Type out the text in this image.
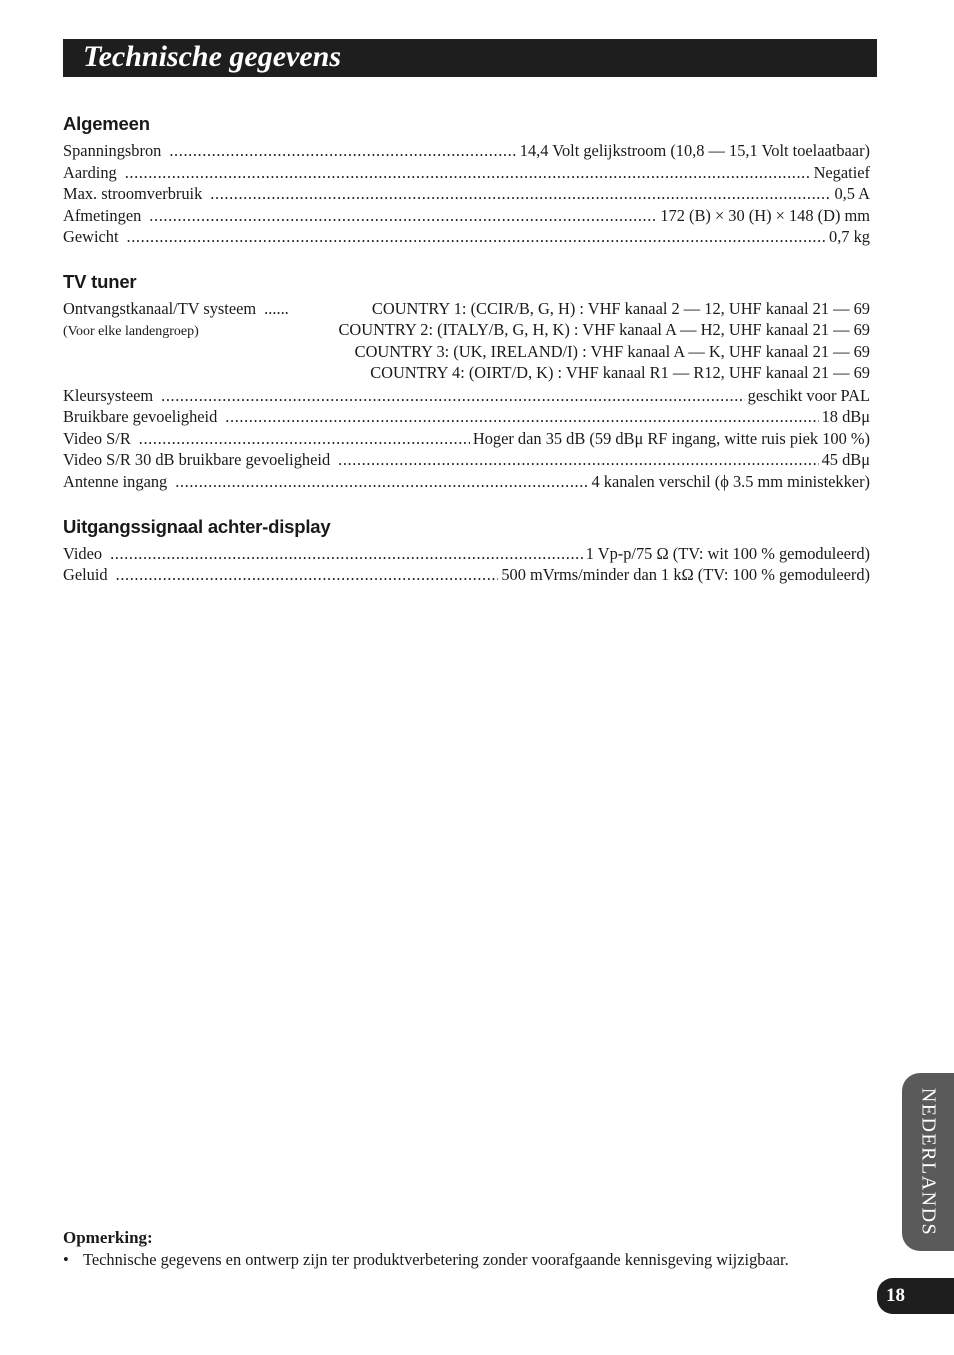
Technische gegevens
Algemeen
Spanningsbron .....	14,4 Volt gelijkstroom (10,8 — 15,1 Volt toelaatbaar)
Aarding .....	Negatief
Max. stroomverbruik .....	0,5 A
Afmetingen .....	172 (B) × 30 (H) × 148 (D) mm
Gewicht .....	0,7 kg
TV tuner
Ontvangstkanaal/TV systeem ......	COUNTRY 1: (CCIR/B, G, H) : VHF kanaal 2 — 12, UHF kanaal 21 — 69
(Voor elke landengroep)	COUNTRY 2: (ITALY/B, G, H, K) : VHF kanaal A — H2, UHF kanaal 21 — 69
COUNTRY 3: (UK, IRELAND/I) : VHF kanaal A — K, UHF kanaal 21 — 69
COUNTRY 4: (OIRT/D, K) : VHF kanaal R1 — R12, UHF kanaal 21 — 69
Kleursysteem .....	geschikt voor PAL
Bruikbare gevoeligheid .....	18 dBμ
Video S/R .....	Hoger dan 35 dB (59 dBμ RF ingang, witte ruis piek 100 %)
Video S/R 30 dB bruikbare gevoeligheid .....	45 dBμ
Antenne ingang .....	4 kanalen verschil (ϕ 3.5 mm ministekker)
Uitgangssignaal achter-display
Video .....	1 Vp-p/75 Ω (TV: wit 100 % gemoduleerd)
Geluid .....	500 mVrms/minder dan 1 kΩ (TV: 100 % gemoduleerd)
Opmerking:
• Technische gegevens en ontwerp zijn ter produktverbetering zonder voorafgaande kennisgeving wijzigbaar.
NEDERLANDS
18
